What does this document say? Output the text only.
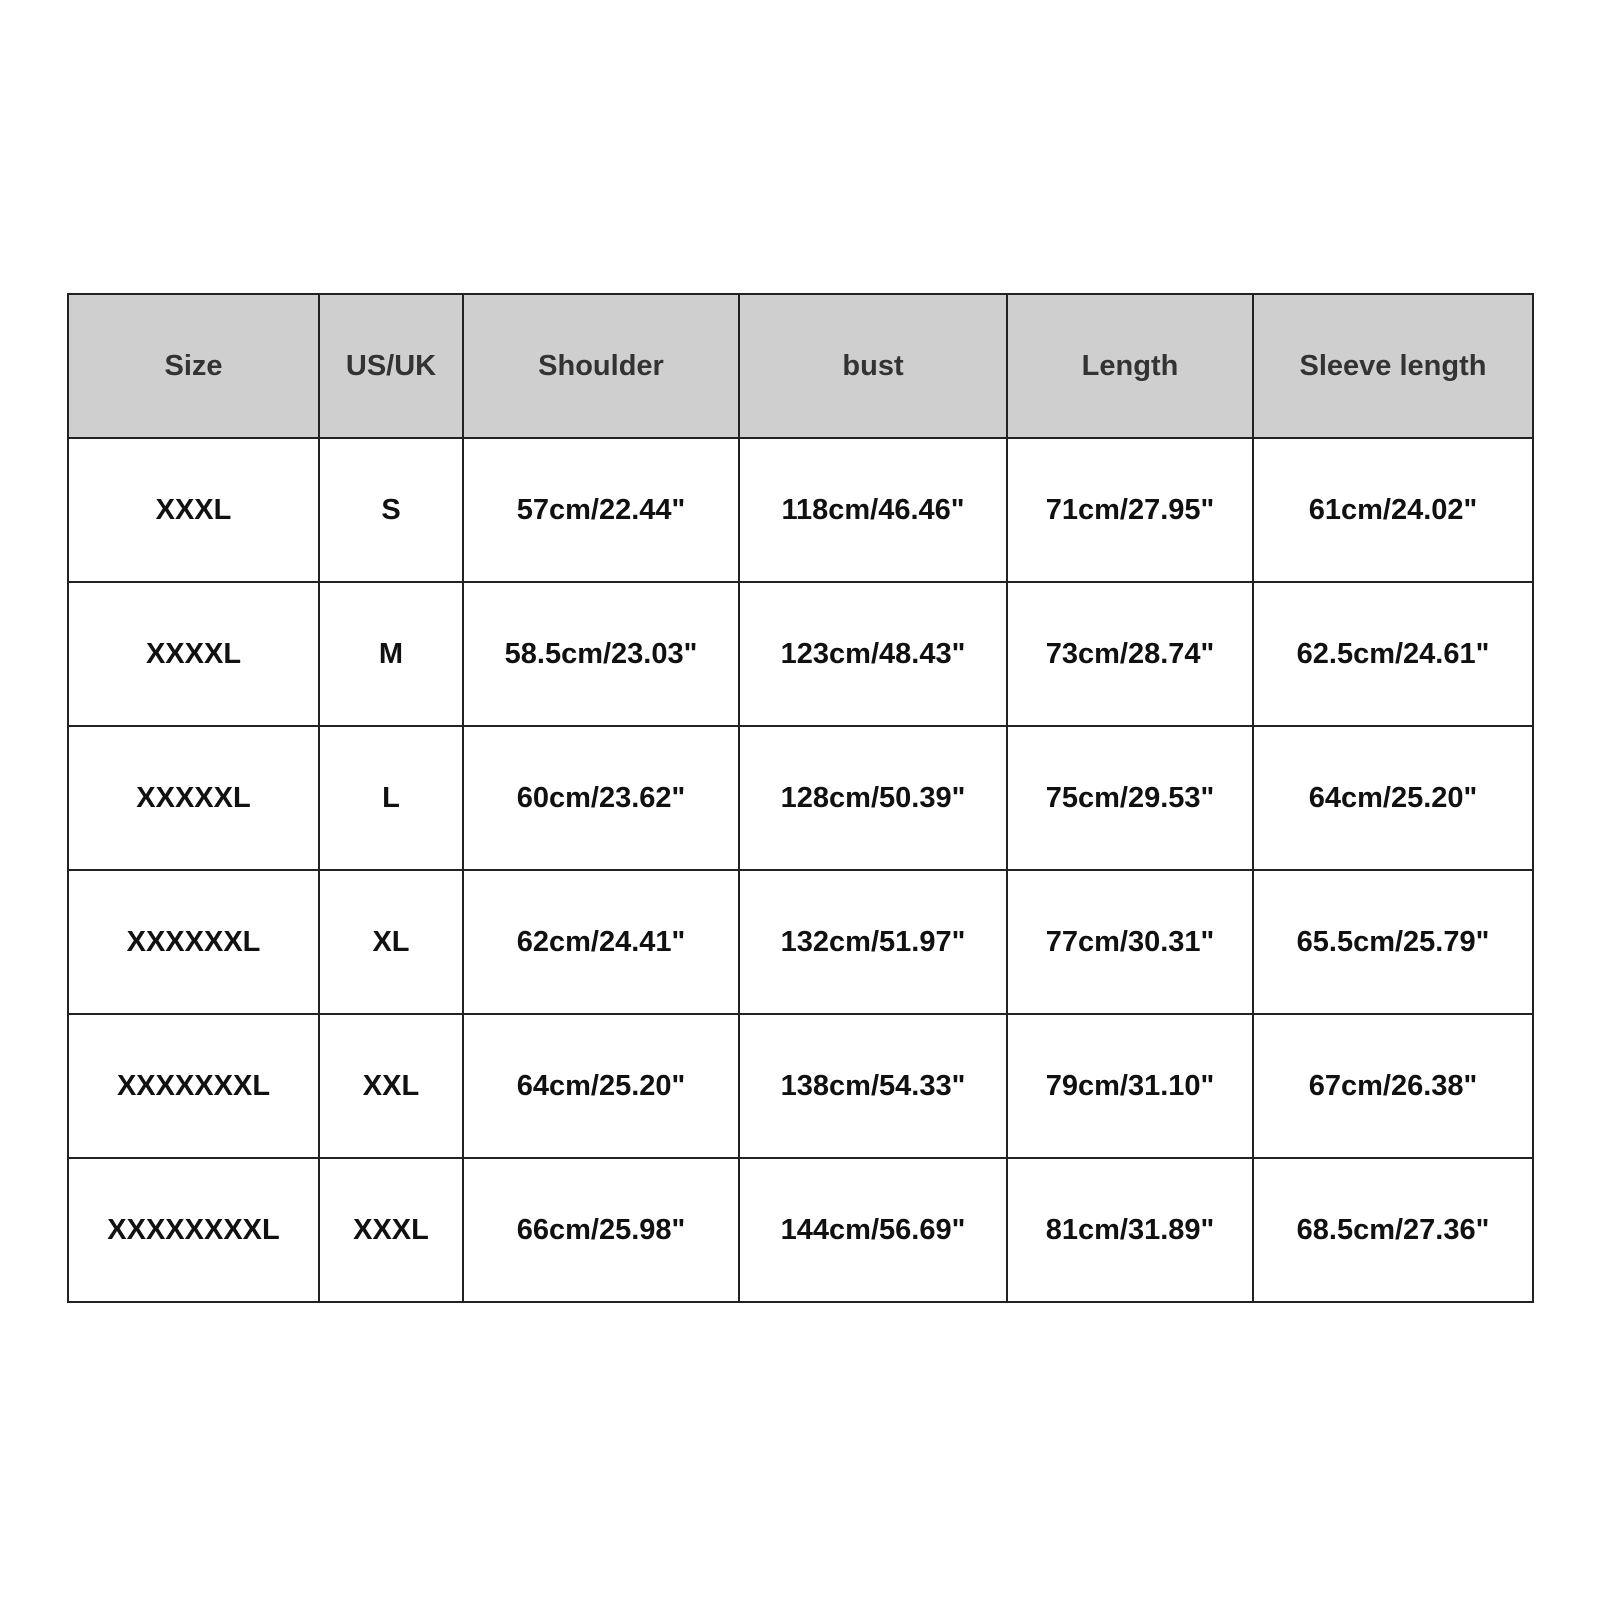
Size	US/UK	Shoulder	bust	Length	Sleeve length
XXXL	S	57cm/22.44"	118cm/46.46"	71cm/27.95"	61cm/24.02"
XXXXL	M	58.5cm/23.03"	123cm/48.43"	73cm/28.74"	62.5cm/24.61"
XXXXXL	L	60cm/23.62"	128cm/50.39"	75cm/29.53"	64cm/25.20"
XXXXXXL	XL	62cm/24.41"	132cm/51.97"	77cm/30.31"	65.5cm/25.79"
XXXXXXXL	XXL	64cm/25.20"	138cm/54.33"	79cm/31.10"	67cm/26.38"
XXXXXXXXL	XXXL	66cm/25.98"	144cm/56.69"	81cm/31.89"	68.5cm/27.36"
